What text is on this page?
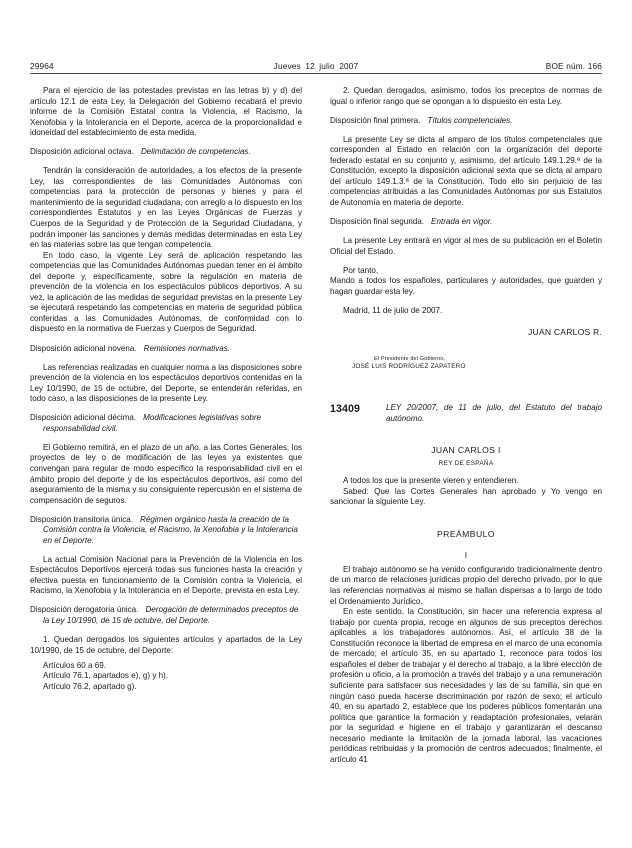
29964	Jueves 12 julio 2007	BOE núm. 166

Para el ejercicio de las potestades previstas en las letras b) y d) del artículo 12.1 de esta Ley, la Delegación del Gobierno recabará el previo informe de la Comisión Estatal contra la Violencia, el Racismo, la Xenofobia y la Intolerancia en el Deporte, acerca de la proporcionalidad e idoneidad del establecimiento de esta medida.

Disposición adicional octava. Delimitación de competencias.

Tendrán la consideración de autoridades, a los efectos de la presente Ley, las correspondientes de las Comunidades Autónomas con competencias para la protección de personas y bienes y para el mantenimiento de la seguridad ciudadana, con arreglo a lo dispuesto en los correspondientes Estatutos y en las Leyes Orgánicas de Fuerzas y Cuerpos de la Seguridad y de Protección de la Seguridad Ciudadana, y podrán imponer las sanciones y demás medidas determinadas en esta Ley en las materias sobre las que tengan competencia.

En todo caso, la vigente Ley será de aplicación respetando las competencias que las Comunidades Autónomas puedan tener en el ámbito del deporte y, específicamente, sobre la regulación en materia de prevención de la violencia en los espectáculos públicos deportivos. A su vez, la aplicación de las medidas de seguridad previstas en la presente Ley se ejecutará respetando las competencias en materia de seguridad pública conferidas a las Comunidades Autónomas, de conformidad con lo dispuesto en la normativa de Fuerzas y Cuerpos de Seguridad.

Disposición adicional novena. Remisiones normativas.

Las referencias realizadas en cualquier norma a las disposiciones sobre prevención de la violencia en los espectáculos deportivos contenidas en la Ley 10/1990, de 15 de octubre, del Deporte, se entenderán referidas, en todo caso, a las disposiciones de la presente Ley.

Disposición adicional décima. Modificaciones legislativas sobre responsabilidad civil.

El Gobierno remitirá, en el plazo de un año, a las Cortes Generales, los proyectos de ley o de modificación de las leyes ya existentes que convengan para regular de modo específico la responsabilidad civil en el ámbito propio del deporte y de los espectáculos deportivos, así como del aseguramiento de la misma y su consiguiente repercusión en el sistema de compensación de seguros.

Disposición transitoria única. Régimen orgánico hasta la creación de la Comisión contra la Violencia, el Racismo, la Xenofobia y la Intolerancia en el Deporte.

La actual Comisión Nacional para la Prevención de la Violencia en los Espectáculos Deportivos ejercerá todas sus funciones hasta la creación y efectiva puesta en funcionamiento de la Comisión contra la Violencia, el Racismo, la Xenofobia y la Intolerancia en el Deporte, prevista en esta Ley.

Disposición derogatoria única. Derogación de determinados preceptos de la Ley 10/1990, de 15 de octubre, del Deporte.

1. Quedan derogados los siguientes artículos y apartados de la Ley 10/1990, de 15 de octubre, del Deporte:

Artículos 60 a 69.
Artículo 76.1, apartados e), g) y h).
Artículo 76.2, apartado g).

2. Quedan derogados, asimismo, todos los preceptos de normas de igual o inferior rango que se opongan a lo dispuesto en esta Ley.

Disposición final primera. Títulos competenciales.

La presente Ley se dicta al amparo de los títulos competenciales que corresponden al Estado en relación con la organización del deporte federado estatal en su conjunto y, asimismo, del artículo 149.1.29.ª de la Constitución, excepto la disposición adicional sexta que se dicta al amparo del artículo 149.1.3.ª de la Constitución. Todo ello sin perjuicio de las competencias atribuidas a las Comunidades Autónomas por sus Estatutos de Autonomía en materia de deporte.

Disposición final segunda. Entrada en vigor.

La presente Ley entrará en vigor al mes de su publicación en el Boletín Oficial del Estado.

Por tanto,

Mando a todos los españoles, particulares y autoridades, que guarden y hagan guardar esta ley.

Madrid, 11 de julio de 2007.

JUAN CARLOS R.
El Presidente del Gobierno,
JOSÉ LUIS RODRÍGUEZ ZAPATERO
13409	LEY 20/2007, de 11 de julio, del Estatuto del trabajo autónomo.
JUAN CARLOS I
REY DE ESPAÑA

A todos los que la presente vieren y entendieren.

Sabed: Que las Cortes Generales han aprobado y Yo vengo en sancionar la siguiente Ley.

PREÁMBULO
I

El trabajo autónomo se ha venido configurando tradicionalmente dentro de un marco de relaciones jurídicas propio del derecho privado, por lo que las referencias normativas al mismo se hallan dispersas a lo largo de todo el Ordenamiento Jurídico.

En este sentido, la Constitución, sin hacer una referencia expresa al trabajo por cuenta propia, recoge en algunos de sus preceptos derechos aplicables a los trabajadores autónomos. Así, el artículo 38 de la Constitución reconoce la libertad de empresa en el marco de una economía de mercado; el artículo 35, en su apartado 1, reconoce para todos los españoles el deber de trabajar y el derecho al trabajo, a la libre elección de profesión u oficio, a la promoción a través del trabajo y a una remuneración suficiente para satisfacer sus necesidades y las de su familia, sin que en ningún caso pueda hacerse discriminación por razón de sexo; el artículo 40, en su apartado 2, establece que los poderes públicos fomentarán una política que garantice la formación y readaptación profesionales, velarán por la seguridad e higiene en el trabajo y garantizarán el descanso necesario mediante la limitación de la jornada laboral, las vacaciones periódicas retribuidas y la promoción de centros adecuados; finalmente, el artículo 41
